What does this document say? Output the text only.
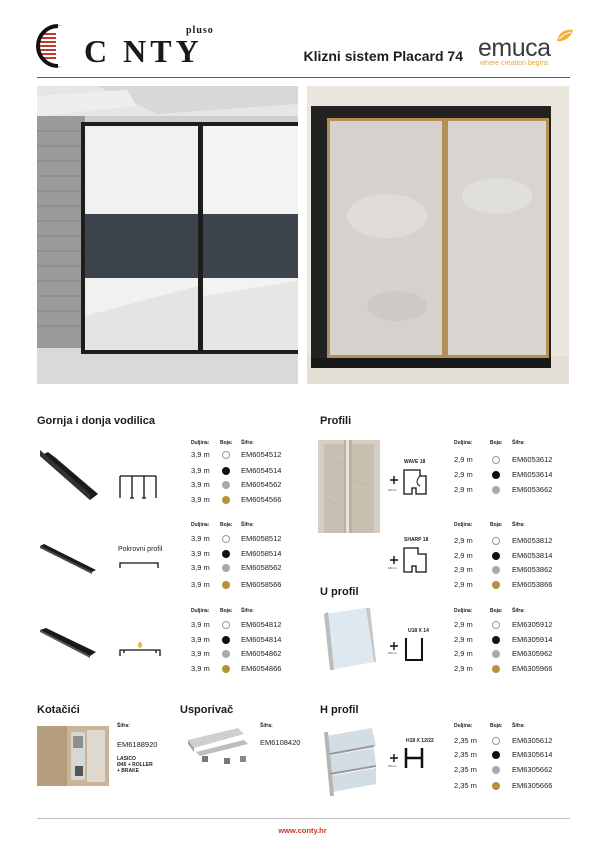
C NTY
pluso
Klizni sistem Placard 74 emuca
where creation begins
Gornja i donja vodilica	Profili
U profil
Kotačići	Usporivač	H profil
Duljina: Boja: Šifra:
3,9 m	EM6054512
3,9 m	EM6054514
3,9 m	EM6054562
3,9 m	EM6054566
Pokrovni profil
Duljina: Boja: Šifra:
3,9 m	EM6058512
3,9 m	EM6058514
3,9 m	EM6058562
3,9 m	EM6058566
Duljina: Boja: Šifra:
3,9 m	EM6054812
3,9 m	EM6054814
3,9 m	EM6054862
3,9 m	EM6054866
WAVE 18
18mm
Duljina:	Boja: Šifra:
2,9 m	EM6053612
2,9 m	EM6053614
2,9 m	EM6053662
SHARP 18
18mm
Duljina:	Boja: Šifra:
2,9 m	EM6053812
2,9 m	EM6053814
2,9 m	EM6053862
2,9 m	EM6053866
U18 X 14
18mm
Duljina:	Boja: Šifra:
2,9 m	EM6305912
2,9 m	EM6305914
2,9 m	EM6305962
2,9 m	EM6305966
Šifra:
EM6188920
LASICO
Ø45 + ROLLER
+ BRAKE
Šifra:
EM6108420	H18 X 12/22
18mm
Duljina:	Boja: Šifra:
2,35 m	EM6305612
2,35 m	EM6305614
2,35 m	EM6305662
2,35 m	EM6305666
www.conty.hr
